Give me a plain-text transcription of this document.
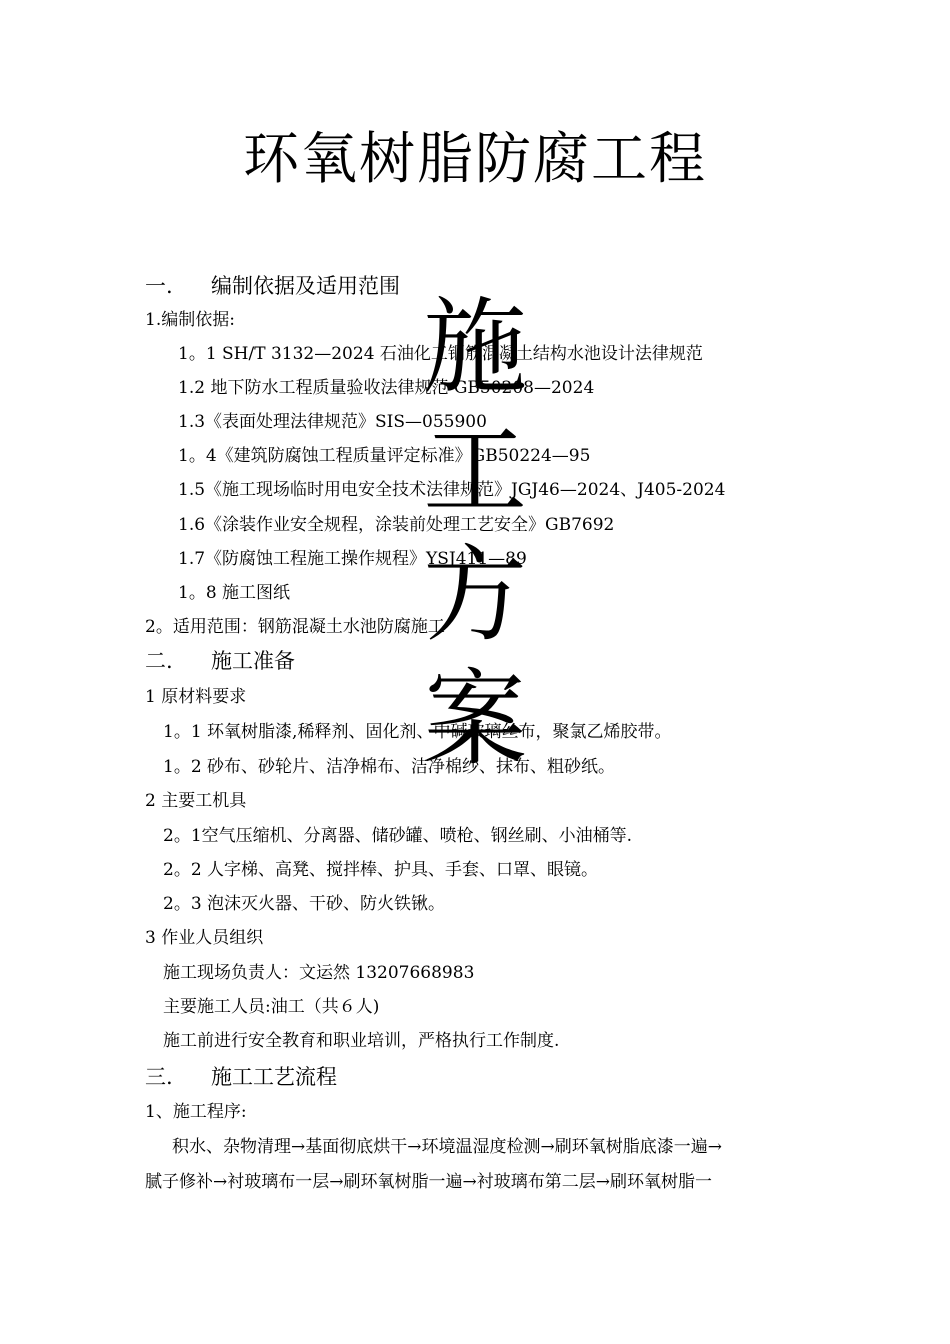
施
工
方
案
环氧树脂防腐工程
一. 编制依据及适用范围
1.编制依据:
1。1 SH/T 3132—2024 石油化工钢筋混凝土结构水池设计法律规范
1.2 地下防水工程质量验收法律规范 GB50208—2024
1.3《表面处理法律规范》SIS—055900
1。4《建筑防腐蚀工程质量评定标准》GB50224—95
1.5《施工现场临时用电安全技术法律规范》JGJ46—2024、J405-2024
1.6《涂装作业安全规程，涂装前处理工艺安全》GB7692
1.7《防腐蚀工程施工操作规程》YSJ411—89
1。8 施工图纸
2。适用范围：钢筋混凝土水池防腐施工
二. 施工准备
1 原材料要求
1。1 环氧树脂漆,稀释剂、固化剂、中碱玻璃丝布，聚氯乙烯胶带。
1。2 砂布、砂轮片、洁净棉布、洁净棉纱、抹布、粗砂纸。
2 主要工机具
2。1空气压缩机、分离器、储砂罐、喷枪、钢丝刷、小油桶等.
2。2 人字梯、高凳、搅拌棒、护具、手套、口罩、眼镜。
2。3 泡沫灭火器、干砂、防火铁锹。
3 作业人员组织
施工现场负责人：文运然 13207668983
主要施工人员:油工（共６人)
施工前进行安全教育和职业培训，严格执行工作制度.
三. 施工工艺流程
1、施工程序:
积水、杂物清理→基面彻底烘干→环境温湿度检测→刷环氧树脂底漆一遍→
腻子修补→衬玻璃布一层→刷环氧树脂一遍→衬玻璃布第二层→刷环氧树脂一
